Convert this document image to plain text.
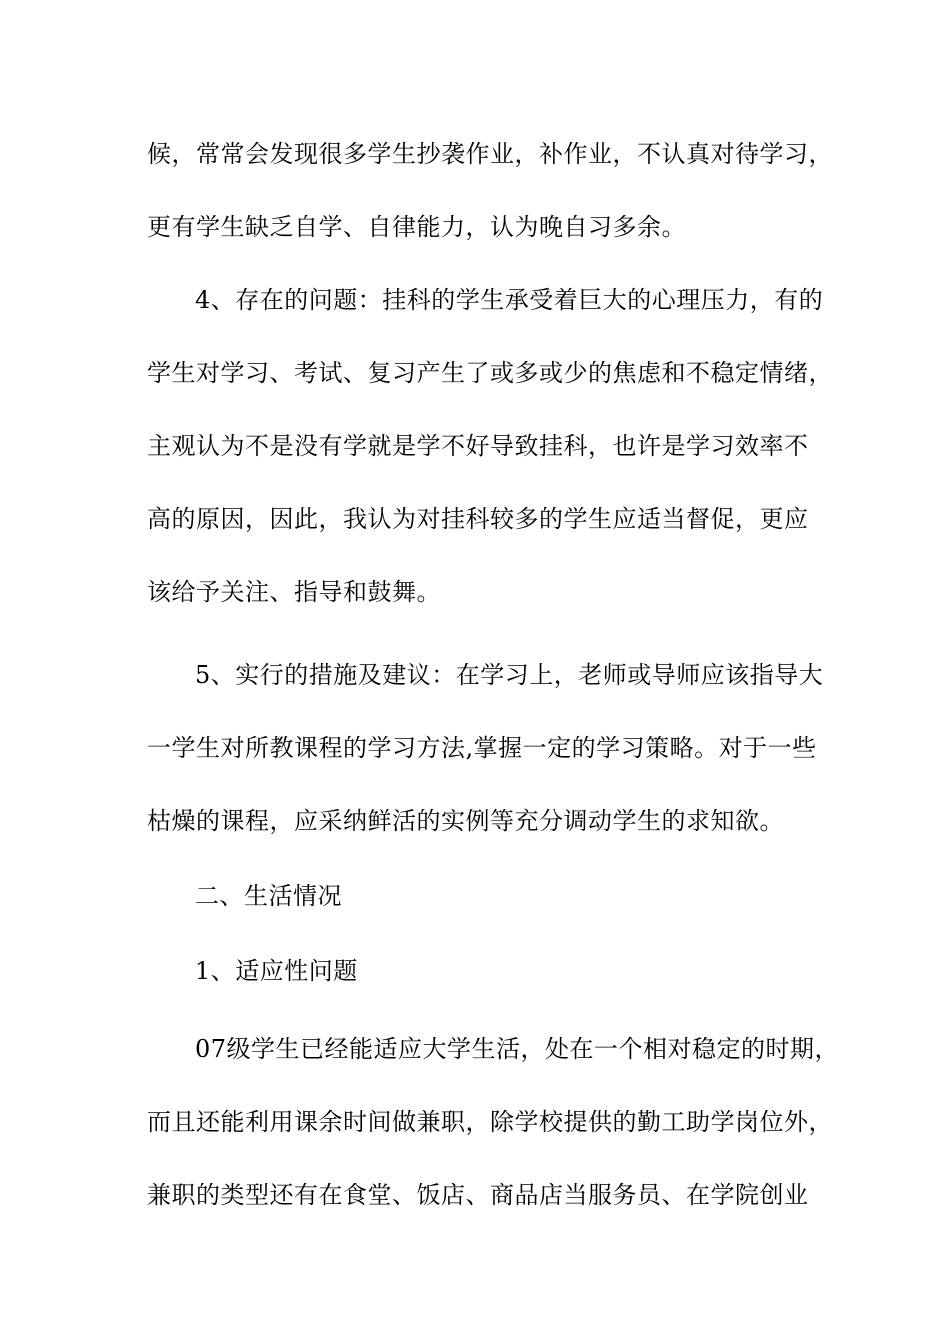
候，常常会发现很多学生抄袭作业，补作业，不认真对待学习，
更有学生缺乏自学、自律能力，认为晚自习多余。
4、存在的问题：挂科的学生承受着巨大的心理压力，有的
学生对学习、考试、复习产生了或多或少的焦虑和不稳定情绪，
主观认为不是没有学就是学不好导致挂科，也许是学习效率不
高的原因，因此，我认为对挂科较多的学生应适当督促，更应
该给予关注、指导和鼓舞。
5、实行的措施及建议：在学习上，老师或导师应该指导大
一学生对所教课程的学习方法,掌握一定的学习策略。对于一些
枯燥的课程，应采纳鲜活的实例等充分调动学生的求知欲。
二、生活情况
1、适应性问题
07级学生已经能适应大学生活，处在一个相对稳定的时期，
而且还能利用课余时间做兼职，除学校提供的勤工助学岗位外，
兼职的类型还有在食堂、饭店、商品店当服务员、在学院创业
